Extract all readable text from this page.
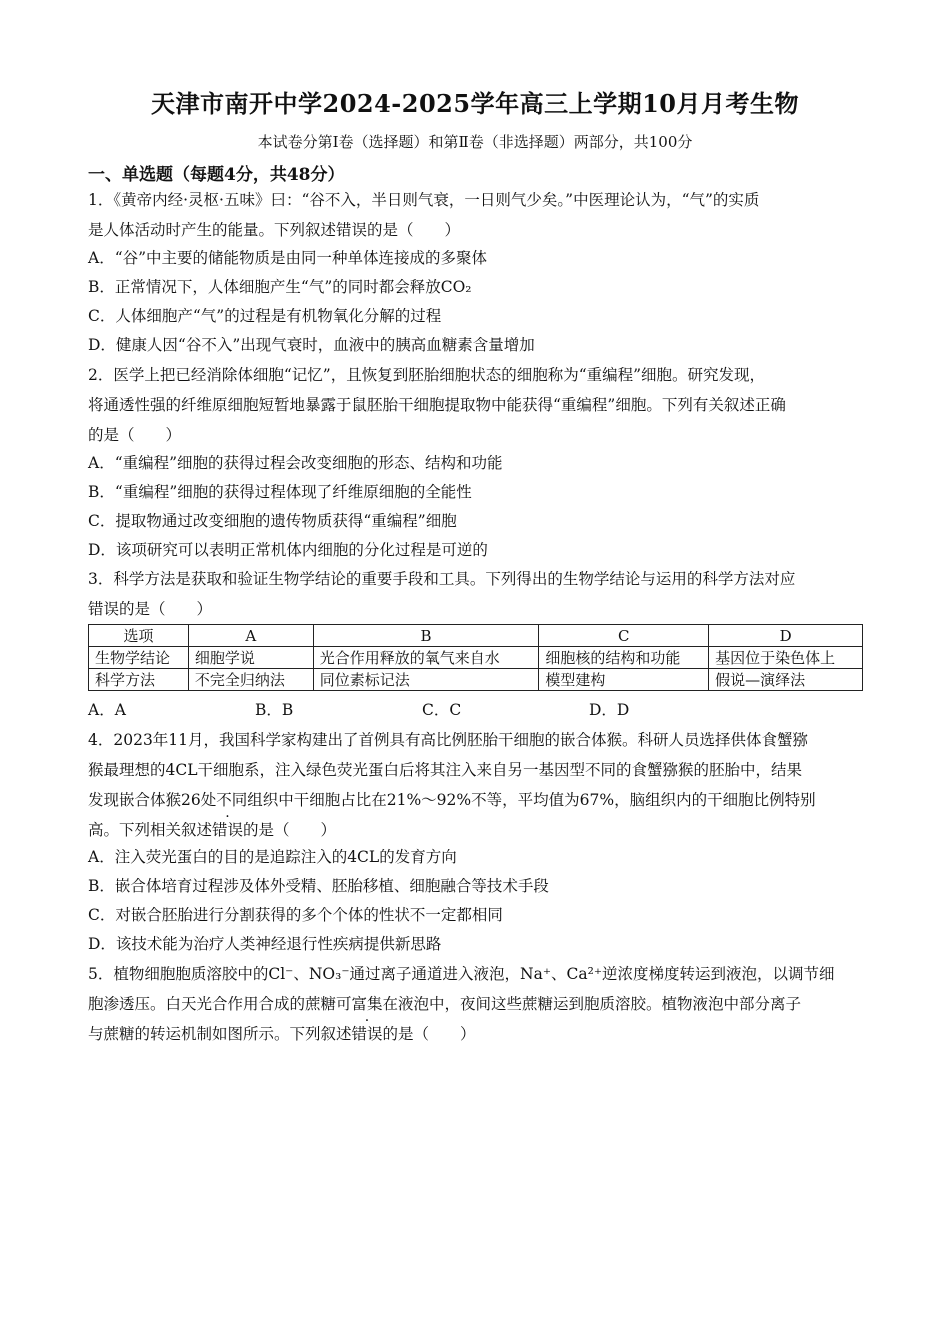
天津市南开中学2024-2025学年高三上学期10月月考生物
本试卷分第Ⅰ卷（选择题）和第Ⅱ卷（非选择题）两部分，共100分
一、单选题（每题4分，共48分）
1．《黄帝内经·灵枢·五味》曰：“谷不入，半日则气衰，一日则气少矣。”中医理论认为，“气”的实质
是人体活动时产生的能量。下列叙述错误的是（　　）
A．“谷”中主要的储能物质是由同一种单体连接成的多聚体
B．正常情况下，人体细胞产生“气”的同时都会释放CO₂
C．人体细胞产“气”的过程是有机物氧化分解的过程
D．健康人因“谷不入”出现气衰时，血液中的胰高血糖素含量增加
2．医学上把已经消除体细胞“记忆”，且恢复到胚胎细胞状态的细胞称为“重编程”细胞。研究发现，
将通透性强的纤维原细胞短暂地暴露于鼠胚胎干细胞提取物中能获得“重编程”细胞。下列有关叙述正确
的是（　　）
A．“重编程”细胞的获得过程会改变细胞的形态、结构和功能
B．“重编程”细胞的获得过程体现了纤维原细胞的全能性
C．提取物通过改变细胞的遗传物质获得“重编程”细胞
D．该项研究可以表明正常机体内细胞的分化过程是可逆的
3．科学方法是获取和验证生物学结论的重要手段和工具。下列得出的生物学结论与运用的科学方法对应
错误的是（　　）
选项	A	B	C	D
生物学结论	细胞学说	光合作用释放的氧气来自水	细胞核的结构和功能	基因位于染色体上
科学方法	不完全归纳法	同位素标记法	模型建构	假说—演绎法
A．A	B．B	C．C	D．D
4．2023年11月，我国科学家构建出了首例具有高比例胚胎干细胞的嵌合体猴。科研人员选择供体食蟹猕
猴最理想的4CL干细胞系，注入绿色荧光蛋白后将其注入来自另一基因型不同的食蟹猕猴的胚胎中，结果
发现嵌合体猴26处不同组织中干细胞占比在21%～92%不等，平均值为67%，脑组织内的干细胞比例特别
高。下列相关叙述错误的是（　　）
A．注入荧光蛋白的目的是追踪注入的4CL的发育方向
B．嵌合体培育过程涉及体外受精、胚胎移植、细胞融合等技术手段
C．对嵌合胚胎进行分割获得的多个个体的性状不一定都相同
D．该技术能为治疗人类神经退行性疾病提供新思路
5．植物细胞胞质溶胶中的Cl⁻、NO₃⁻通过离子通道进入液泡，Na⁺、Ca²⁺逆浓度梯度转运到液泡，以调节细
胞渗透压。白天光合作用合成的蔗糖可富集在液泡中，夜间这些蔗糖运到胞质溶胶。植物液泡中部分离子
与蔗糖的转运机制如图所示。下列叙述错误的是（　　）
